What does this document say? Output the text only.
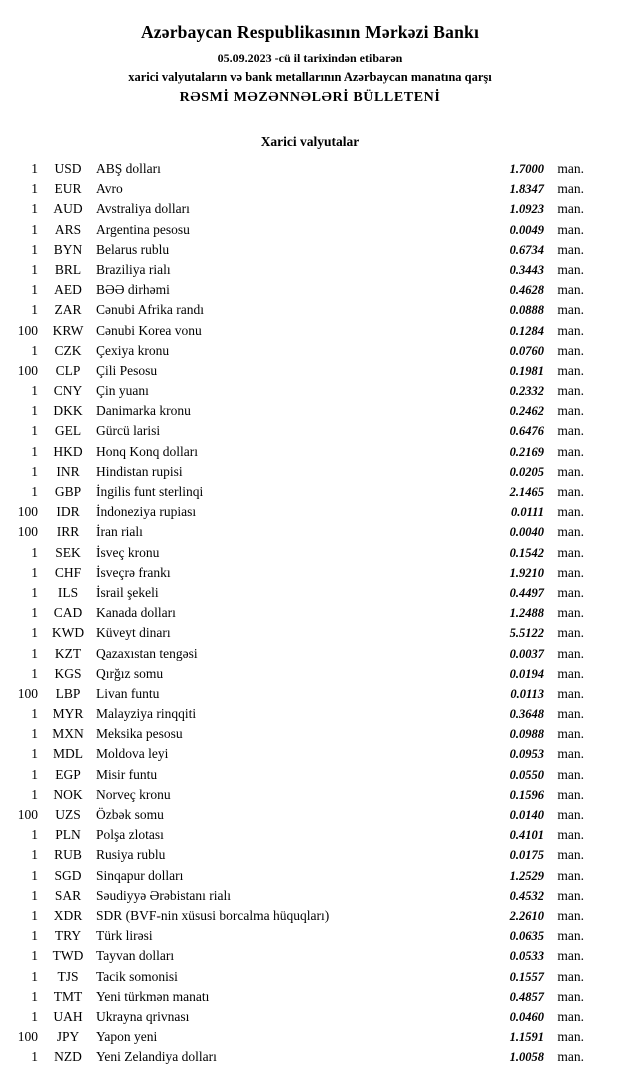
Azərbaycan Respublikasının Mərkəzi Bankı
05.09.2023 -cü il tarixindən etibarən
xarici valyutaların və bank metallarının Azərbaycan manatına qarşı
RƏSMİ MƏZƏNNƏLƏRİ BÜLLETENİ
Xarici valyutalar
1	USD	ABŞ dolları	1.7000 man.
1	EUR	Avro	1.8347 man.
1	AUD Avstraliya dolları	1.0923 man.
1	ARS	Argentina pesosu	0.0049 man.
1	BYN	Belarus rublu	0.6734 man.
1	BRL	Braziliya rialı	0.3443 man.
1	AED	BƏƏ dirhəmi	0.4628 man.
1	ZAR	Cənubi Afrika randı	0.0888 man.
100	KRW Cənubi Korea vonu	0.1284 man.
1	CZK	Çexiya kronu	0.0760 man.
100	CLP	Çili Pesosu	0.1981 man.
1	CNY	Çin yuanı	0.2332 man.
1	DKK Danimarka kronu	0.2462 man.
1	GEL	Gürcü larisi	0.6476 man.
1	HKD Honq Konq dolları	0.2169 man.
1	INR	Hindistan rupisi	0.0205 man.
1	GBP	İngilis funt sterlinqi	2.1465 man.
100	IDR	İndoneziya rupiası	0.0111 man.
100	IRR	İran rialı	0.0040 man.
1	SEK	İsveç kronu	0.1542 man.
1	CHF	İsveçrə frankı	1.9210 man.
1	ILS	İsrail şekeli	0.4497 man.
1	CAD	Kanada dolları	1.2488 man.
1	KWD Küveyt dinarı	5.5122 man.
1	KZT	Qazaxıstan tengəsi	0.0037 man.
1	KGS	Qırğız somu	0.0194 man.
100	LBP	Livan funtu	0.0113 man.
1	MYR Malayziya rinqqiti	0.3648 man.
1	MXN Meksika pesosu	0.0988 man.
1	MDL Moldova leyi	0.0953 man.
1	EGP	Misir funtu	0.0550 man.
1	NOK Norveç kronu	0.1596 man.
100	UZS	Özbək somu	0.0140 man.
1	PLN	Polşa zlotası	0.4101 man.
1	RUB	Rusiya rublu	0.0175 man.
1	SGD	Sinqapur dolları	1.2529 man.
1	SAR	Səudiyyə Ərəbistanı rialı	0.4532 man.
1	XDR	SDR (BVF-nin xüsusi borcalma hüquqları)	2.2610 man.
1	TRY	Türk lirəsi	0.0635 man.
1	TWD Tayvan dolları	0.0533 man.
1	TJS	Tacik somonisi	0.1557 man.
1	TMT	Yeni türkmən manatı	0.4857 man.
1	UAH Ukrayna qrivnası	0.0460 man.
100	JPY	Yapon yeni	1.1591 man.
1	NZD	Yeni Zelandiya dolları	1.0058 man.
